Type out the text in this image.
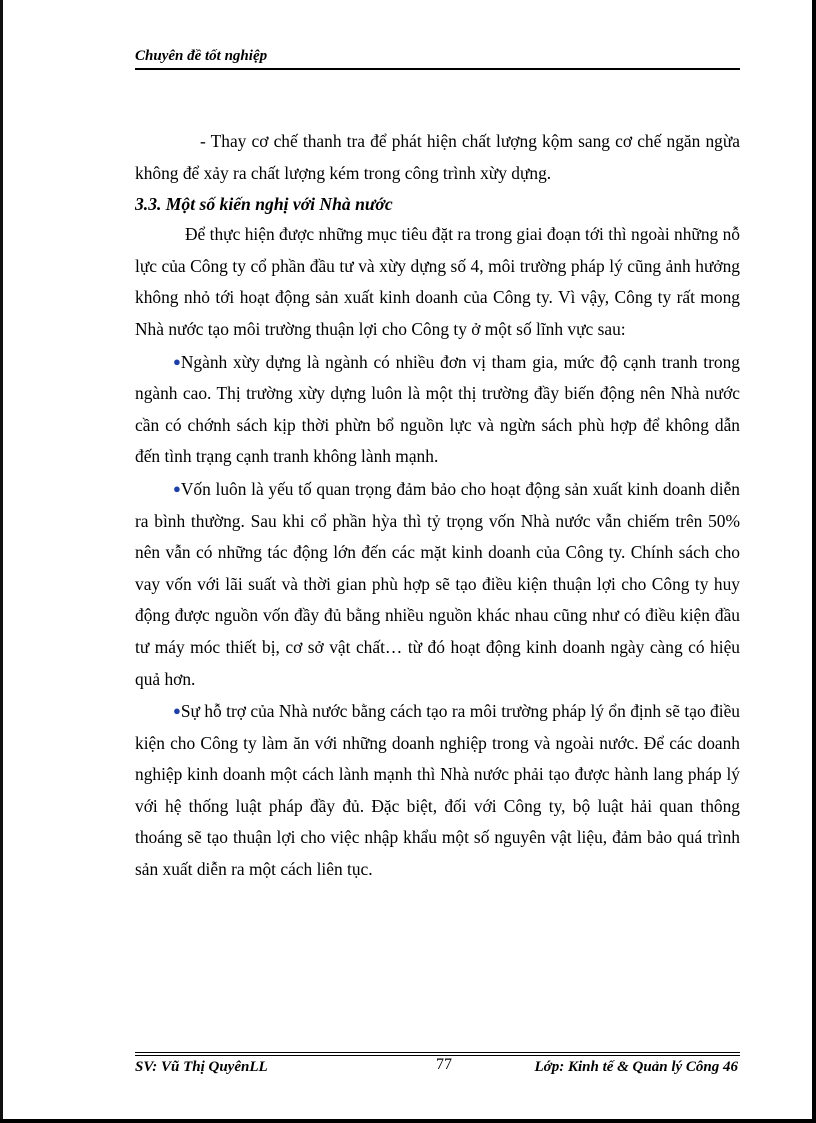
Chuyên đề tốt nghiệp

- Thay cơ chế thanh tra để phát hiện chất lượng kộm sang cơ chế ngăn ngừa không để xảy ra chất lượng kém trong công trình xừy dựng.

3.3. Một số kiến nghị với Nhà nước

Để thực hiện được những mục tiêu đặt ra trong giai đoạn tới thì ngoài những nỗ lực của Công ty cổ phần đầu tư và xừy dựng số 4, môi trường pháp lý cũng ảnh hưởng không nhỏ tới hoạt động sản xuất kinh doanh của Công ty. Vì vậy, Công ty rất mong Nhà nước tạo môi trường thuận lợi cho Công ty ở một số lĩnh vực sau:

●Ngành xừy dựng là ngành có nhiều đơn vị tham gia, mức độ cạnh tranh trong ngành cao. Thị trường xừy dựng luôn là một thị trường đầy biến động nên Nhà nước cần có chớnh sách kịp thời phừn bổ nguồn lực và ngừn sách phù hợp để không dẫn đến tình trạng cạnh tranh không lành mạnh.

●Vốn luôn là yếu tố quan trọng đảm bảo cho hoạt động sản xuất kinh doanh diễn ra bình thường. Sau khi cổ phần hỳa thì tỷ trọng vốn Nhà nước vẫn chiếm trên 50% nên vẫn có những tác động lớn đến các mặt kinh doanh của Công ty. Chính sách cho vay vốn với lãi suất và thời gian phù hợp sẽ tạo điều kiện thuận lợi cho Công ty huy động được nguồn vốn đầy đủ bằng nhiều nguồn khác nhau cũng như có điều kiện đầu tư máy móc thiết bị, cơ sở vật chất… từ đó hoạt động kinh doanh ngày càng có hiệu quả hơn.

●Sự hỗ trợ của Nhà nước bằng cách tạo ra môi trường pháp lý ổn định sẽ tạo điều kiện cho Công ty làm ăn với những doanh nghiệp trong và ngoài nước. Để các doanh nghiệp kinh doanh một cách lành mạnh thì Nhà nước phải tạo được hành lang pháp lý với hệ thống luật pháp đầy đủ. Đặc biệt, đối với Công ty, bộ luật hải quan thông thoáng sẽ tạo thuận lợi cho việc nhập khẩu một số nguyên vật liệu, đảm bảo quá trình sản xuất diễn ra một cách liên tục.

SV: Vũ Thị QuyênLL	77	Lớp: Kinh tế & Quản lý Công 46
